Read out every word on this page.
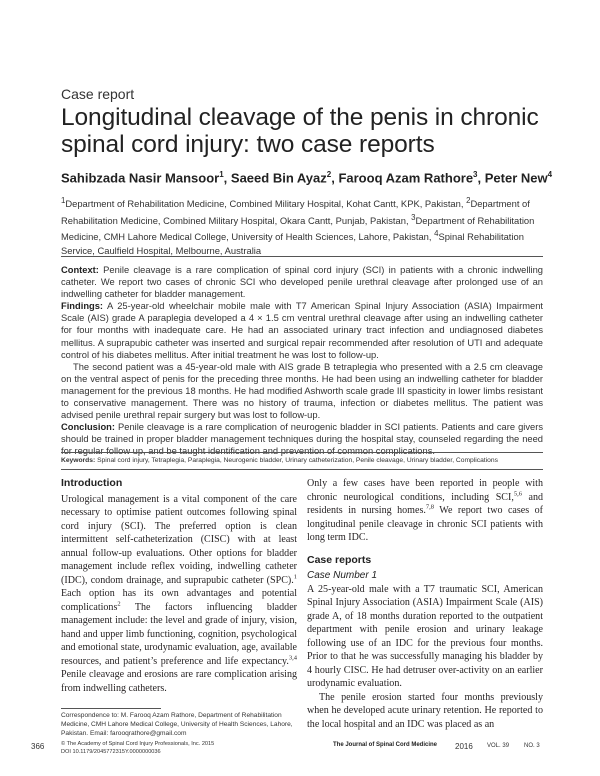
Case report
Longitudinal cleavage of the penis in chronic spinal cord injury: two case reports
Sahibzada Nasir Mansoor$^1$, Saeed Bin Ayaz$^2$, Farooq Azam Rathore$^3$, Peter New$^4$
$^1$Department of Rehabilitation Medicine, Combined Military Hospital, Kohat Cantt, KPK, Pakistan, $^2$Department of Rehabilitation Medicine, Combined Military Hospital, Okara Cantt, Punjab, Pakistan, $^3$Department of Rehabilitation Medicine, CMH Lahore Medical College, University of Health Sciences, Lahore, Pakistan, $^4$Spinal Rehabilitation Service, Caulfield Hospital, Melbourne, Australia

Context: Penile cleavage is a rare complication of spinal cord injury (SCI) in patients with a chronic indwelling catheter. We report two cases of chronic SCI who developed penile urethral cleavage after prolonged use of an indwelling catheter for bladder management.

Findings: A 25-year-old wheelchair mobile male with T7 American Spinal Injury Association (ASIA) Impairment Scale (AIS) grade A paraplegia developed a 4 × 1.5 cm ventral urethral cleavage after using an indwelling catheter for four months with inadequate care. He had an associated urinary tract infection and undiagnosed diabetes mellitus. A suprapubic catheter was inserted and surgical repair recommended after resolution of UTI and adequate control of his diabetes mellitus. After initial treatment he was lost to follow-up.

The second patient was a 45-year-old male with AIS grade B tetraplegia who presented with a 2.5 cm cleavage on the ventral aspect of penis for the preceding three months. He had been using an indwelling catheter for bladder management for the previous 18 months. He had modified Ashworth scale grade III spasticity in lower limbs resistant to conservative management. There was no history of trauma, infection or diabetes mellitus. The patient was advised penile urethral repair surgery but was lost to follow-up.

Conclusion: Penile cleavage is a rare complication of neurogenic bladder in SCI patients. Patients and care givers should be trained in proper bladder management techniques during the hospital stay, counseled regarding the need for regular follow up, and be taught identification and prevention of common complications.

Keywords: Spinal cord injury, Tetraplegia, Paraplegia, Neurogenic bladder, Urinary catheterization, Penile cleavage, Urinary bladder, Complications
Introduction

Urological management is a vital component of the care necessary to optimise patient outcomes following spinal cord injury (SCI). The preferred option is clean intermittent self-catheterization (CISC) with at least annual follow-up evaluations. Other options for bladder management include reflex voiding, indwelling catheter (IDC), condom drainage, and suprapubic catheter (SPC).$^1$ Each option has its own advantages and potential complications$^2$ The factors influencing bladder management include: the level and grade of injury, vision, hand and upper limb functioning, cognition, psychological and emotional state, urodynamic evaluation, age, available resources, and patient’s preference and life expectancy.$^{3,4}$ Penile cleavage and erosions are rare complication arising from indwelling catheters.

Correspondence to: M. Farooq Azam Rathore, Department of Rehabilitation Medicine, CMH Lahore Medical College, University of Health Sciences, Lahore, Pakistan. Email: farooqrathore@gmail.com

Only a few cases have been reported in people with chronic neurological conditions, including SCI,$^{5,6}$ and residents in nursing homes.$^{7,8}$ We report two cases of longitudinal penile cleavage in chronic SCI patients with long term IDC.

Case reports
Case Number 1

A 25-year-old male with a T7 traumatic SCI, American Spinal Injury Association (ASIA) Impairment Scale (AIS) grade A, of 18 months duration reported to the outpatient department with penile erosion and urinary leakage following use of an IDC for the previous four months. Prior to that he was successfully managing his bladder by 4 hourly CISC. He had detruser over-activity on an earlier urodynamic evaluation.

The penile erosion started four months previously when he developed acute urinary retention. He reported to the local hospital and an IDC was placed as an

366	© The Academy of Spinal Cord Injury Professionals, Inc. 2015
DOI 10.1179/2045772315Y.0000000036
The Journal of Spinal Cord Medicine 2016 VOL. 39 NO. 3
